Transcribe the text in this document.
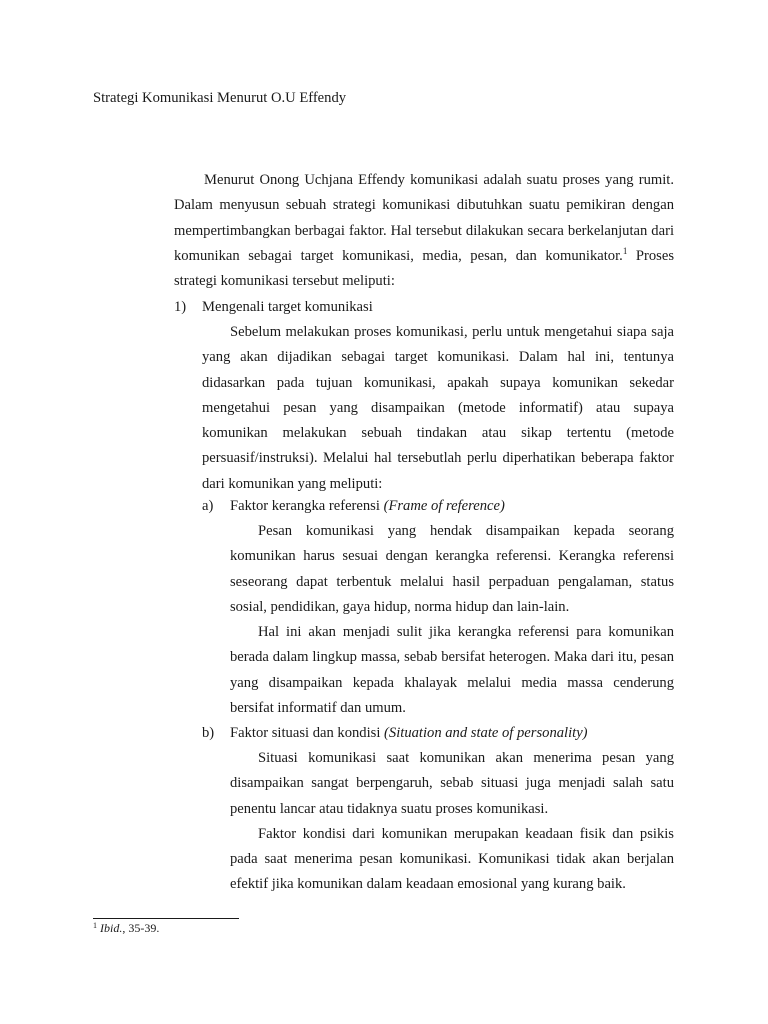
Strategi Komunikasi Menurut O.U Effendy

Menurut Onong Uchjana Effendy komunikasi adalah suatu proses yang rumit. Dalam menyusun sebuah strategi komunikasi dibutuhkan suatu pemikiran dengan mempertimbangkan berbagai faktor. Hal tersebut dilakukan secara berkelanjutan dari komunikan sebagai target komunikasi, media, pesan, dan komunikator.$^1$ Proses strategi komunikasi tersebut meliputi:

1) Mengenali target komunikasi

Sebelum melakukan proses komunikasi, perlu untuk mengetahui siapa saja yang akan dijadikan sebagai target komunikasi. Dalam hal ini, tentunya didasarkan pada tujuan komunikasi, apakah supaya komunikan sekedar mengetahui pesan yang disampaikan (metode informatif) atau supaya komunikan melakukan sebuah tindakan atau sikap tertentu (metode persuasif/instruksi). Melalui hal tersebutlah perlu diperhatikan beberapa faktor dari komunikan yang meliputi:

a) Faktor kerangka referensi (Frame of reference)

Pesan komunikasi yang hendak disampaikan kepada seorang komunikan harus sesuai dengan kerangka referensi. Kerangka referensi seseorang dapat terbentuk melalui hasil perpaduan pengalaman, status sosial, pendidikan, gaya hidup, norma hidup dan lain-lain.

Hal ini akan menjadi sulit jika kerangka referensi para komunikan berada dalam lingkup massa, sebab bersifat heterogen. Maka dari itu, pesan yang disampaikan kepada khalayak melalui media massa cenderung bersifat informatif dan umum.

b) Faktor situasi dan kondisi (Situation and state of personality)

Situasi komunikasi saat komunikan akan menerima pesan yang disampaikan sangat berpengaruh, sebab situasi juga menjadi salah satu penentu lancar atau tidaknya suatu proses komunikasi.

Faktor kondisi dari komunikan merupakan keadaan fisik dan psikis pada saat menerima pesan komunikasi. Komunikasi tidak akan berjalan efektif jika komunikan dalam keadaan emosional yang kurang baik.

$^1$ Ibid., 35-39.
